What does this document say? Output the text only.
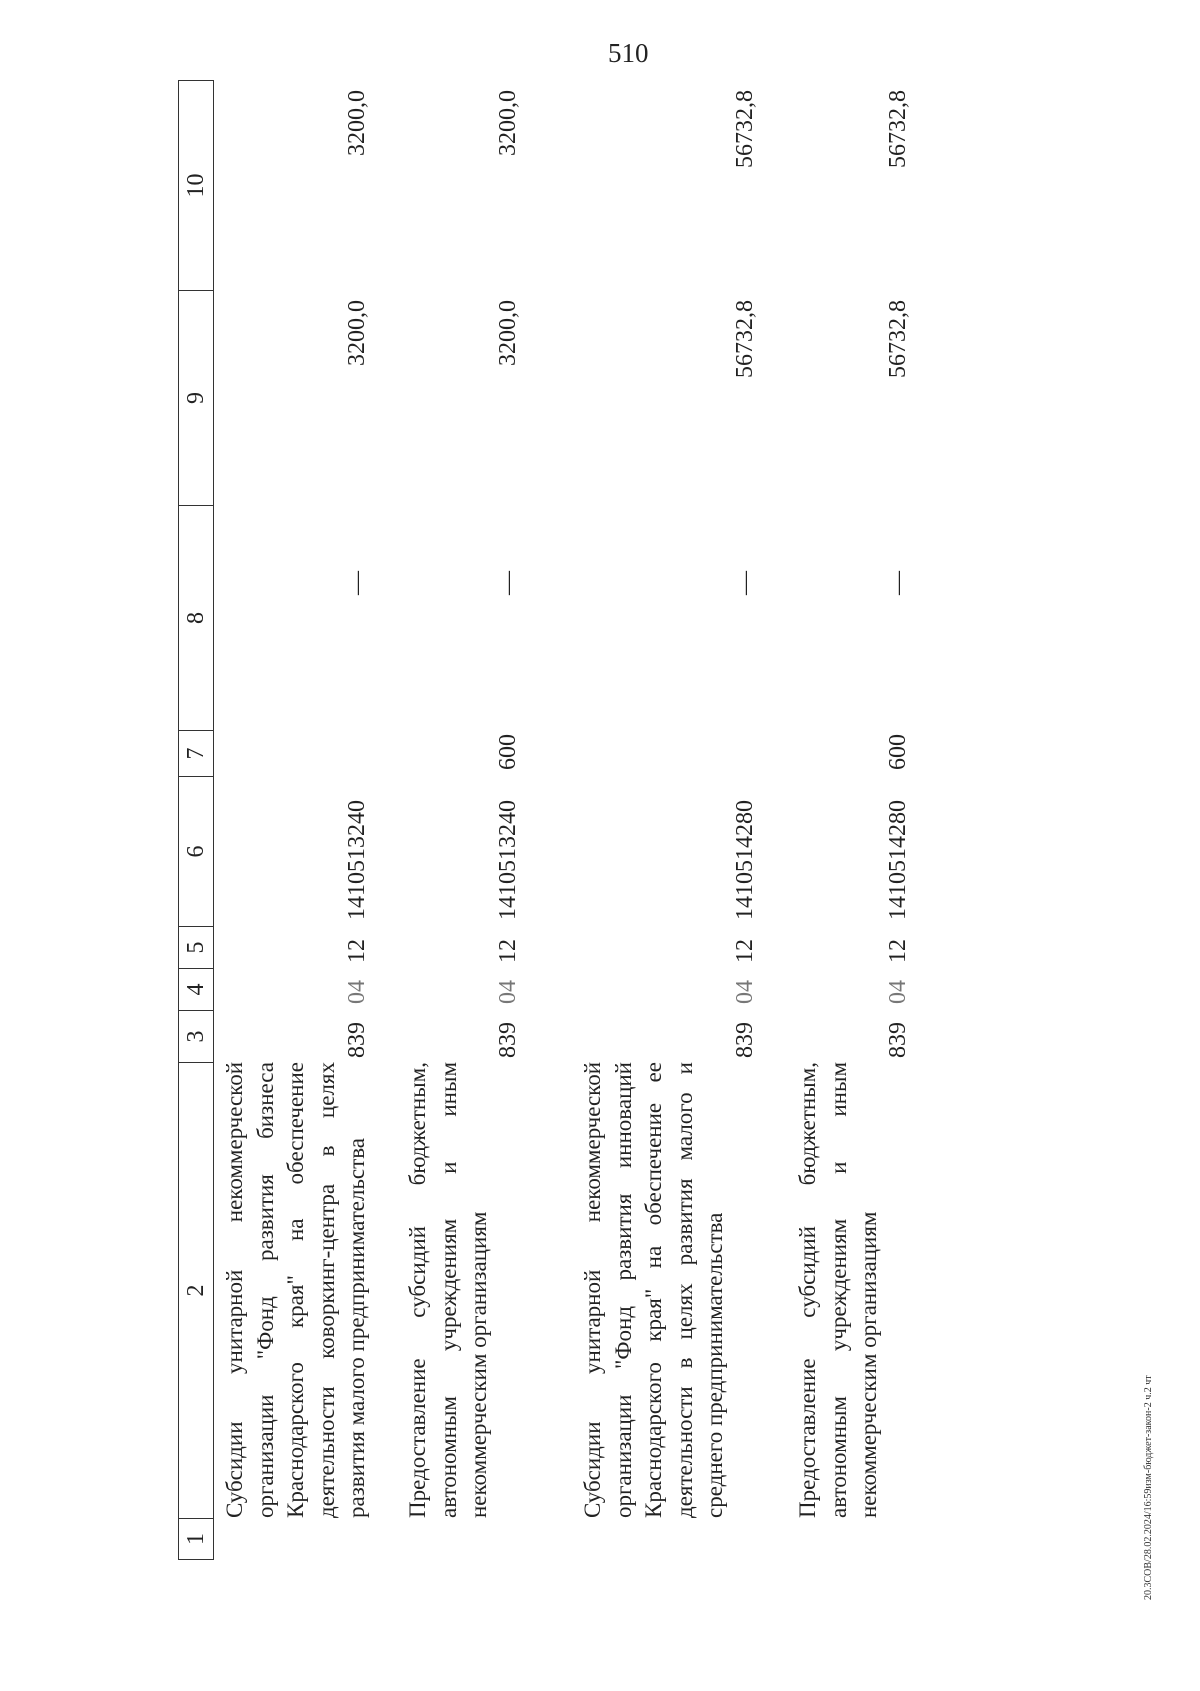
510
1
2
3
4
5
6
7
8
9
10
Субсидии унитарной некоммерческой организации "Фонд развития бизнеса Краснодарского края" на обеспечение деятельности коворкинг-центра в целях развития малого предпринимательства
839
04
12
1410513240
—
3200,0
3200,0
Предоставление субсидий бюджетным, автономным учреждениям и иным некоммерческим организациям
839
04
12
1410513240
600
—
3200,0
3200,0
Субсидии унитарной некоммерческой организации "Фонд развития инноваций Краснодарского края" на обеспечение ее деятельности в целях развития малого и среднего предпринимательства
839
04
12
1410514280
—
56732,8
56732,8
Предоставление субсидий бюджетным, автономным учреждениям и иным некоммерческим организациям
839
04
12
1410514280
600
—
56732,8
56732,8
20.3СОВ/28.02.2024/16:59изм-бюджет-закон-2 ч.2 чт
